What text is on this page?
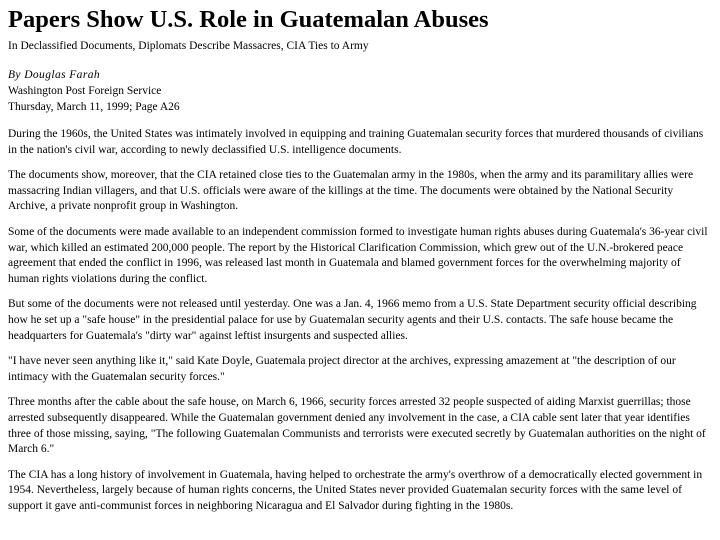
Papers Show U.S. Role in Guatemalan Abuses
In Declassified Documents, Diplomats Describe Massacres, CIA Ties to Army
By Douglas Farah
Washington Post Foreign Service
Thursday, March 11, 1999; Page A26

During the 1960s, the United States was intimately involved in equipping and training Guatemalan security forces that murdered thousands of civilians in the nation's civil war, according to newly declassified U.S. intelligence documents.

The documents show, moreover, that the CIA retained close ties to the Guatemalan army in the 1980s, when the army and its paramilitary allies were massacring Indian villagers, and that U.S. officials were aware of the killings at the time. The documents were obtained by the National Security Archive, a private nonprofit group in Washington.

Some of the documents were made available to an independent commission formed to investigate human rights abuses during Guatemala's 36-year civil war, which killed an estimated 200,000 people. The report by the Historical Clarification Commission, which grew out of the U.N.-brokered peace agreement that ended the conflict in 1996, was released last month in Guatemala and blamed government forces for the overwhelming majority of human rights violations during the conflict.

But some of the documents were not released until yesterday. One was a Jan. 4, 1966 memo from a U.S. State Department security official describing how he set up a "safe house" in the presidential palace for use by Guatemalan security agents and their U.S. contacts. The safe house became the headquarters for Guatemala's "dirty war" against leftist insurgents and suspected allies.

"I have never seen anything like it," said Kate Doyle, Guatemala project director at the archives, expressing amazement at "the description of our intimacy with the Guatemalan security forces."

Three months after the cable about the safe house, on March 6, 1966, security forces arrested 32 people suspected of aiding Marxist guerrillas; those arrested subsequently disappeared. While the Guatemalan government denied any involvement in the case, a CIA cable sent later that year identifies three of those missing, saying, "The following Guatemalan Communists and terrorists were executed secretly by Guatemalan authorities on the night of March 6."

The CIA has a long history of involvement in Guatemala, having helped to orchestrate the army's overthrow of a democratically elected government in 1954. Nevertheless, largely because of human rights concerns, the United States never provided Guatemalan security forces with the same level of support it gave anti-communist forces in neighboring Nicaragua and El Salvador during fighting in the 1980s.
